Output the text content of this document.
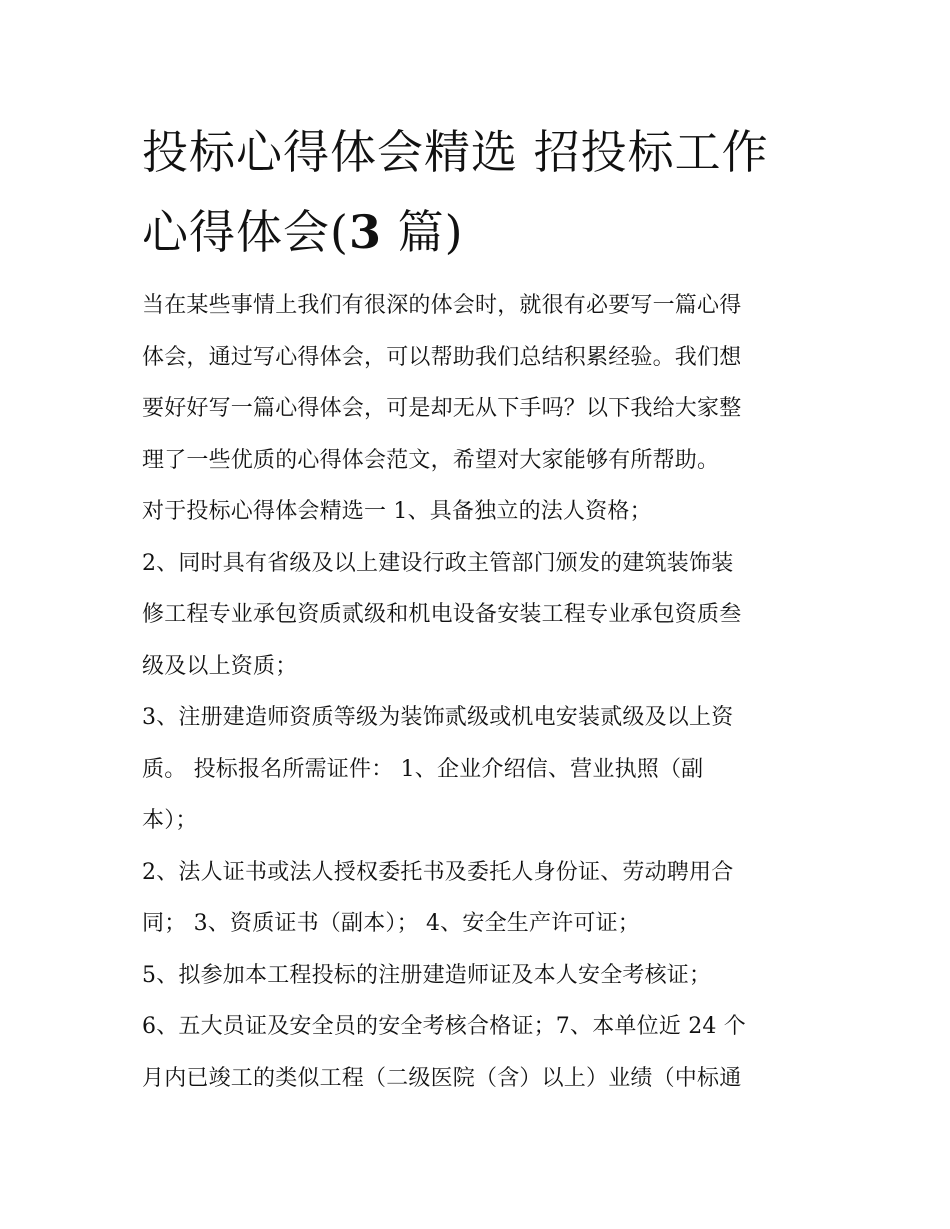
投标心得体会精选 招投标工作
心得体会(3 篇)
当在某些事情上我们有很深的体会时，就很有必要写一篇心得
体会，通过写心得体会，可以帮助我们总结积累经验。我们想
要好好写一篇心得体会，可是却无从下手吗？以下我给大家整
理了一些优质的心得体会范文，希望对大家能够有所帮助。
对于投标心得体会精选一 1、具备独立的法人资格；
2、同时具有省级及以上建设行政主管部门颁发的建筑装饰装
修工程专业承包资质贰级和机电设备安装工程专业承包资质叁
级及以上资质；
3、注册建造师资质等级为装饰贰级或机电安装贰级及以上资
质。 投标报名所需证件： 1、企业介绍信、营业执照（副
本）；
2、法人证书或法人授权委托书及委托人身份证、劳动聘用合
同； 3、资质证书（副本）； 4、安全生产许可证；
5、拟参加本工程投标的注册建造师证及本人安全考核证；
6、五大员证及安全员的安全考核合格证；7、本单位近 24 个
月内已竣工的类似工程（二级医院（含）以上）业绩（中标通
